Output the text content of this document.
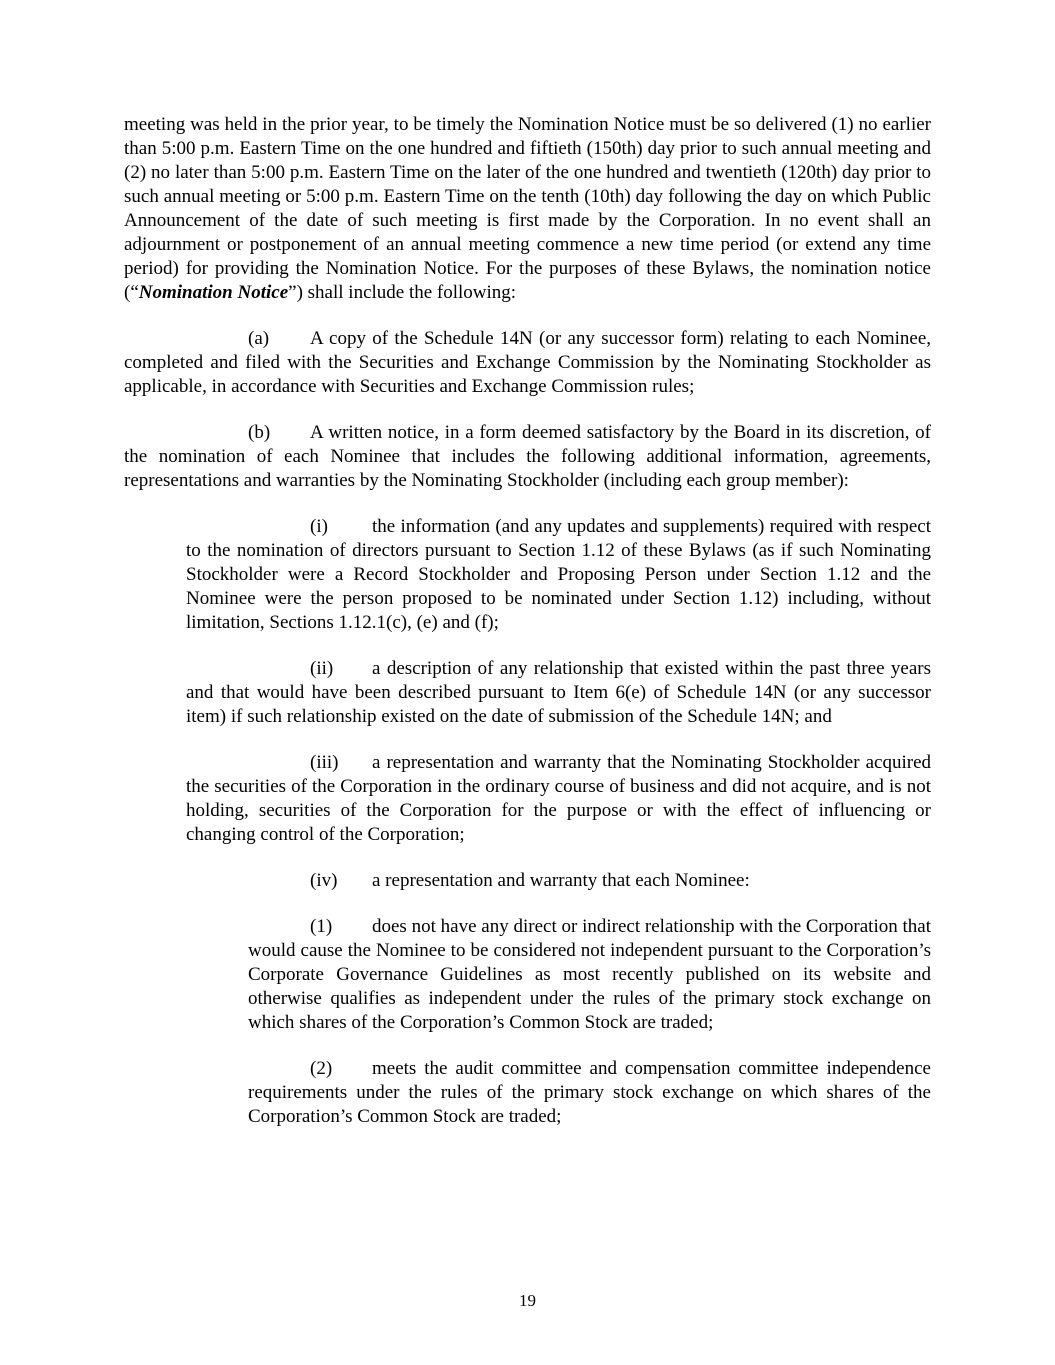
meeting was held in the prior year, to be timely the Nomination Notice must be so delivered (1) no earlier than 5:00 p.m. Eastern Time on the one hundred and fiftieth (150th) day prior to such annual meeting and (2) no later than 5:00 p.m. Eastern Time on the later of the one hundred and twentieth (120th) day prior to such annual meeting or 5:00 p.m. Eastern Time on the tenth (10th) day following the day on which Public Announcement of the date of such meeting is first made by the Corporation. In no event shall an adjournment or postponement of an annual meeting commence a new time period (or extend any time period) for providing the Nomination Notice. For the purposes of these Bylaws, the nomination notice (“Nomination Notice”) shall include the following:

(a) A copy of the Schedule 14N (or any successor form) relating to each Nominee, completed and filed with the Securities and Exchange Commission by the Nominating Stockholder as applicable, in accordance with Securities and Exchange Commission rules;

(b) A written notice, in a form deemed satisfactory by the Board in its discretion, of the nomination of each Nominee that includes the following additional information, agreements, representations and warranties by the Nominating Stockholder (including each group member):

(i) the information (and any updates and supplements) required with respect to the nomination of directors pursuant to Section 1.12 of these Bylaws (as if such Nominating Stockholder were a Record Stockholder and Proposing Person under Section 1.12 and the Nominee were the person proposed to be nominated under Section 1.12) including, without limitation, Sections 1.12.1(c), (e) and (f);

(ii) a description of any relationship that existed within the past three years and that would have been described pursuant to Item 6(e) of Schedule 14N (or any successor item) if such relationship existed on the date of submission of the Schedule 14N; and

(iii) a representation and warranty that the Nominating Stockholder acquired the securities of the Corporation in the ordinary course of business and did not acquire, and is not holding, securities of the Corporation for the purpose or with the effect of influencing or changing control of the Corporation;

(iv) a representation and warranty that each Nominee:

(1) does not have any direct or indirect relationship with the Corporation that would cause the Nominee to be considered not independent pursuant to the Corporation’s Corporate Governance Guidelines as most recently published on its website and otherwise qualifies as independent under the rules of the primary stock exchange on which shares of the Corporation’s Common Stock are traded;

(2) meets the audit committee and compensation committee independence requirements under the rules of the primary stock exchange on which shares of the Corporation’s Common Stock are traded;

19
